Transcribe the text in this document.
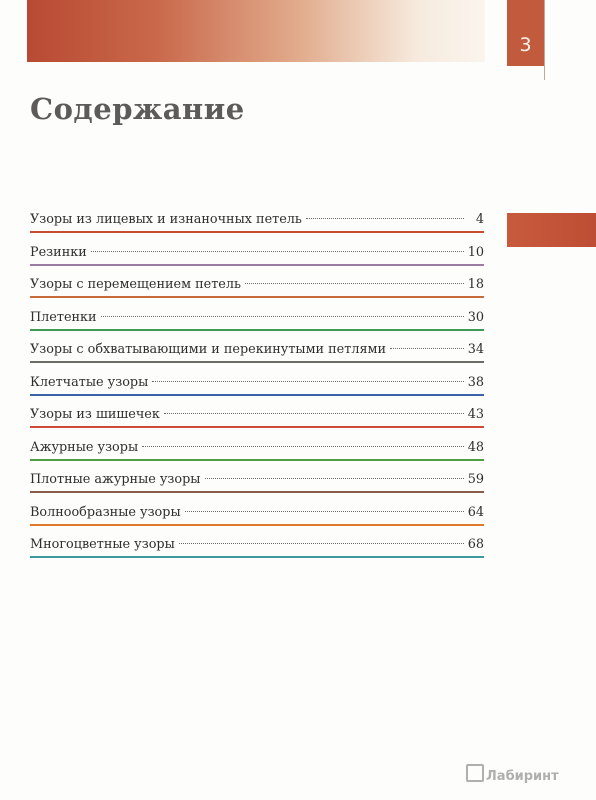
3
Содержание
Узоры из лицевых и изнаночных петель	4
Резинки	10
Узоры с перемещением петель	18
Плетенки	30
Узоры с обхватывающими и перекинутыми петлями	34
Клетчатые узоры	38
Узоры из шишечек	43
Ажурные узоры	48
Плотные ажурные узоры	59
Волнообразные узоры	64
Многоцветные узоры	68
Лабиринт
